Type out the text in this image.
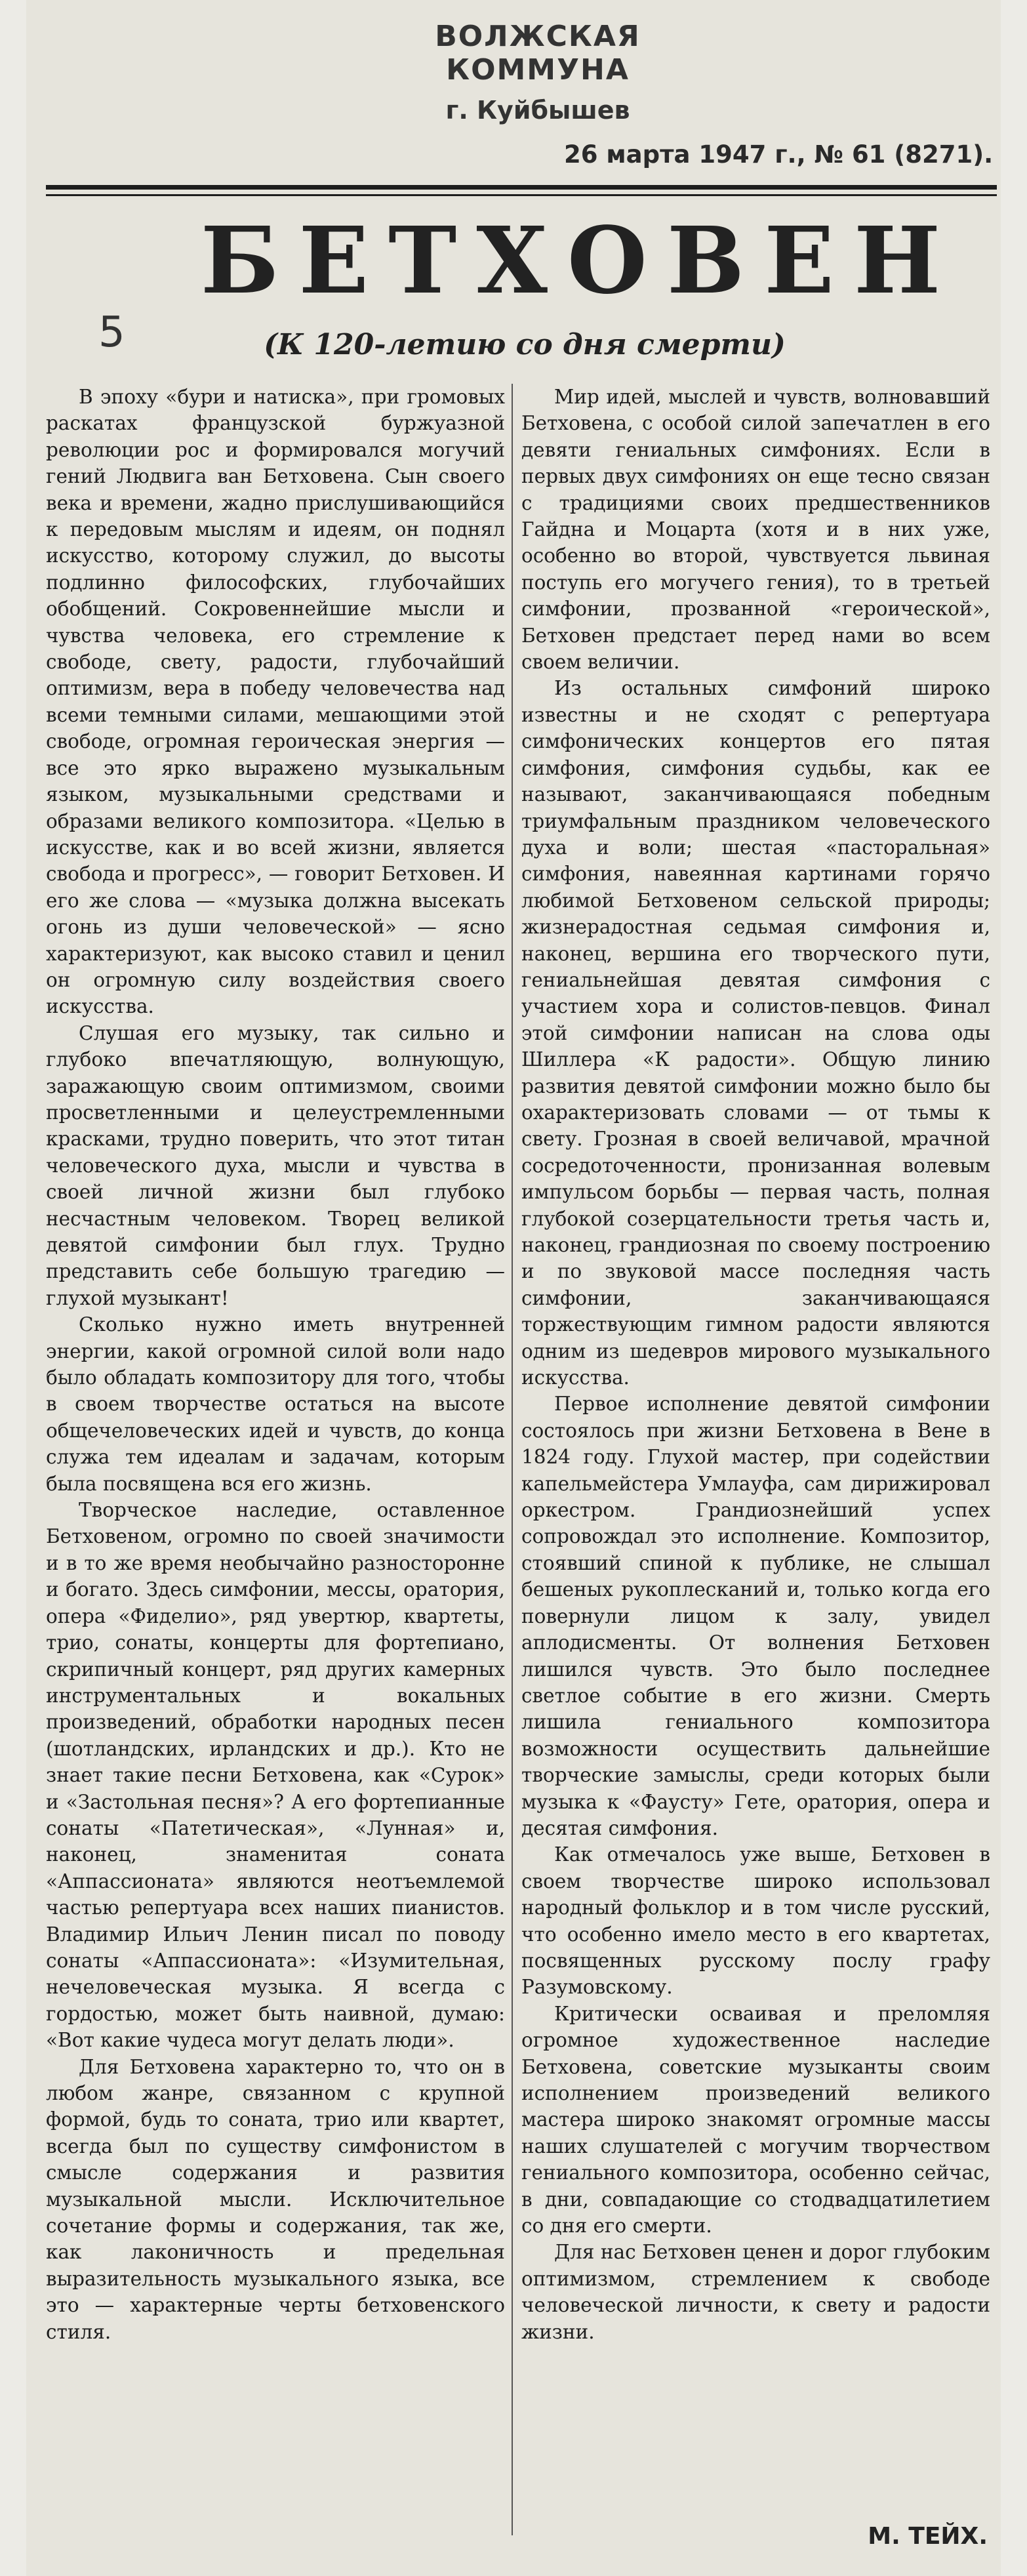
ВОЛЖСКАЯ КОММУНА
г. Куйбышев
26 марта 1947 г., № 61 (8271).
БЕТХОВЕН
5	(К 120-летию со дня смерти)

В эпоху «бури и натиска», при громовых раскатах французской буржуазной революции рос и формировался могучий гений Людвига ван Бетховена. Сын своего века и времени, жадно прислушивающийся к передовым мыслям и идеям, он поднял искусство, которому служил, до высоты подлинно философских, глубочайших обобщений. Сокровеннейшие мысли и чувства человека, его стремление к свободе, свету, радости, глубочайший оптимизм, вера в победу человечества над всеми темными силами, мешающими этой свободе, огромная героическая энергия — все это ярко выражено музыкальным языком, музыкальными средствами и образами великого композитора. «Целью в искусстве, как и во всей жизни, является свобода и прогресс», — говорит Бетховен. И его же слова — «музыка должна высекать огонь из души человеческой» — ясно характеризуют, как высоко ставил и ценил он огромную силу воздействия своего искусства.

Слушая его музыку, так сильно и глубоко впечатляющую, волнующую, заражающую своим оптимизмом, своими просветленными и целеустремленными красками, трудно поверить, что этот титан человеческого духа, мысли и чувства в своей личной жизни был глубоко несчастным человеком. Творец великой девятой симфонии был глух. Трудно представить себе большую трагедию — глухой музыкант!

Сколько нужно иметь внутренней энергии, какой огромной силой воли надо было обладать композитору для того, чтобы в своем творчестве остаться на высоте общечеловеческих идей и чувств, до конца служа тем идеалам и задачам, которым была посвящена вся его жизнь.

Творческое наследие, оставленное Бетховеном, огромно по своей значимости и в то же время необычайно разносторонне и богато. Здесь симфонии, мессы, оратория, опера «Фиделио», ряд увертюр, квартеты, трио, сонаты, концерты для фортепиано, скрипичный концерт, ряд других камерных инструментальных и вокальных произведений, обработки народных песен (шотландских, ирландских и др.). Кто не знает такие песни Бетховена, как «Сурок» и «Застольная песня»? А его фортепианные сонаты «Патетическая», «Лунная» и, наконец, знаменитая соната «Аппассионата» являются неотъемлемой частью репертуара всех наших пианистов. Владимир Ильич Ленин писал по поводу сонаты «Аппассионата»: «Изумительная, нечеловеческая музыка. Я всегда с гордостью, может быть наивной, думаю: «Вот какие чудеса могут делать люди».

Для Бетховена характерно то, что он в любом жанре, связанном с крупной формой, будь то соната, трио или квартет, всегда был по существу симфонистом в смысле содержания и развития музыкальной мысли. Исключительное сочетание формы и содержания, так же, как лаконичность и предельная выразительность музыкального языка, все это — характерные черты бетховенского стиля.

Мир идей, мыслей и чувств, волновавший Бетховена, с особой силой запечатлен в его девяти гениальных симфониях. Если в первых двух симфониях он еще тесно связан с традициями своих предшественников Гайдна и Моцарта (хотя и в них уже, особенно во второй, чувствуется львиная поступь его могучего гения), то в третьей симфонии, прозванной «героической», Бетховен предстает перед нами во всем своем величии.

Из остальных симфоний широко известны и не сходят с репертуара симфонических концертов его пятая симфония, симфония судьбы, как ее называют, заканчивающаяся победным триумфальным праздником человеческого духа и воли; шестая «пасторальная» симфония, навеянная картинами горячо любимой Бетховеном сельской природы; жизнерадостная седьмая симфония и, наконец, вершина его творческого пути, гениальнейшая девятая симфония с участием хора и солистов-певцов. Финал этой симфонии написан на слова оды Шиллера «К радости». Общую линию развития девятой симфонии можно было бы охарактеризовать словами — от тьмы к свету. Грозная в своей величавой, мрачной сосредоточенности, пронизанная волевым импульсом борьбы — первая часть, полная глубокой созерцательности третья часть и, наконец, грандиозная по своему построению и по звуковой массе последняя часть симфонии, заканчивающаяся торжествующим гимном радости являются одним из шедевров мирового музыкального искусства.

Первое исполнение девятой симфонии состоялось при жизни Бетховена в Вене в 1824 году. Глухой мастер, при содействии капельмейстера Умлауфа, сам дирижировал оркестром. Грандиознейший успех сопровождал это исполнение. Композитор, стоявший спиной к публике, не слышал бешеных рукоплесканий и, только когда его повернули лицом к залу, увидел аплодисменты. От волнения Бетховен лишился чувств. Это было последнее светлое событие в его жизни. Смерть лишила гениального композитора возможности осуществить дальнейшие творческие замыслы, среди которых были музыка к «Фаусту» Гете, оратория, опера и десятая симфония.

Как отмечалось уже выше, Бетховен в своем творчестве широко использовал народный фольклор и в том числе русский, что особенно имело место в его квартетах, посвященных русскому послу графу Разумовскому.

Критически осваивая и преломляя огромное художественное наследие Бетховена, советские музыканты своим исполнением произведений великого мастера широко знакомят огромные массы наших слушателей с могучим творчеством гениального композитора, особенно сейчас, в дни, совпадающие со стодвадцатилетием со дня его смерти.

Для нас Бетховен ценен и дорог глубоким оптимизмом, стремлением к свободе человеческой личности, к свету и радости жизни.

М. ТЕЙХ.
